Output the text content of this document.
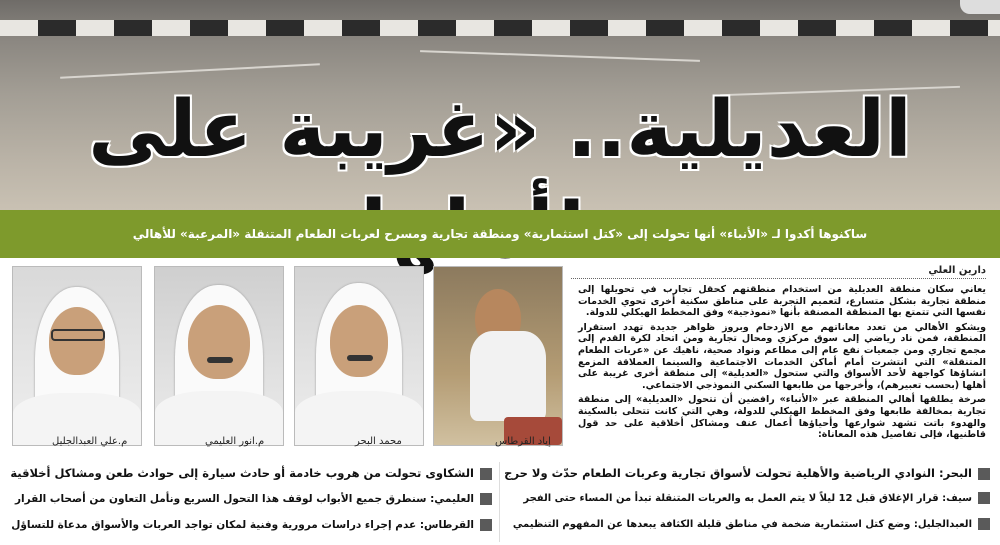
العديلية.. «غريبة على
ساكنوها أكدوا لـ «الأنباء» أنها تحولت إلى «كتل استثمارية» ومنطقة تجارية ومسرح لعربات الطعام المتنقلة «المرعبة» للأهالي
م.علي العبدالجليل	م.انور العليمي	محمد البحر	إياد القرطاس
دارين العلي

يعاني سكان منطقة العديلية من استخدام منطقتهم كحقل تجارب في تحويلها إلى منطقة تجارية بشكل متسارع، لتعميم التجربة على مناطق سكنية أخرى تحوي الخدمات نفسها التي تتمتع بها المنطقة المصنفة بأنها «نموذجية» وفق المخطط الهيكلي للدولة.

ويشكو الأهالي من تعدد معاناتهم مع الازدحام وبروز ظواهر جديدة تهدد استقرار المنطقة، فمن ناد رياضي إلى سوق مركزي ومحال تجارية ومن اتحاد لكرة القدم إلى مجمع تجاري ومن جمعيات نفع عام إلى مطاعم ونواد صحية، ناهيك عن «عربات الطعام المتنقلة» التي انتشرت أمام أماكن الخدمات الاجتماعية والسينما العملاقة المزمع انشاؤها كواجهة لأحد الأسواق والتي ستحول «العديلية» إلى منطقة أخرى غريبة على أهلها (بحسب تعبيرهم)، وأخرجها من طابعها السكني النموذجي الاجتماعي.

صرخة يطلقها أهالي المنطقة عبر «الأنباء» رافضين أن تتحول «العديلية» إلى منطقة تجارية بمخالفة طابعها وفق المخطط الهيكلي للدولة، وهي التي كانت تتحلى بالسكينة والهدوء باتت تشهد شوارعها وأحياؤها أعمال عنف ومشاكل أخلاقية على حد قول قاطنيها، فإلى تفاصيل هذه المعاناة:

البحر: النوادي الرياضية والأهلية تحولت لأسواق تجارية وعربات الطعام حدّث ولا حرج
سيف: قرار الإغلاق قبل 12 ليلاً لا يتم العمل به والعربات المتنقلة تبدأ من المساء حتى الفجر
العبدالجليل: وضع كتل استثمارية ضخمة في مناطق قليلة الكثافة يبعدها عن المفهوم التنظيمي
الشكاوى تحولت من هروب خادمة أو حادث سيارة إلى حوادث طعن ومشاكل أخلاقية
العليمي: سنطرق جميع الأبواب لوقف هذا التحول السريع ونأمل التعاون من أصحاب القرار
القرطاس: عدم إجراء دراسات مرورية وفنية لمكان تواجد العربات والأسواق مدعاة للتساؤل
